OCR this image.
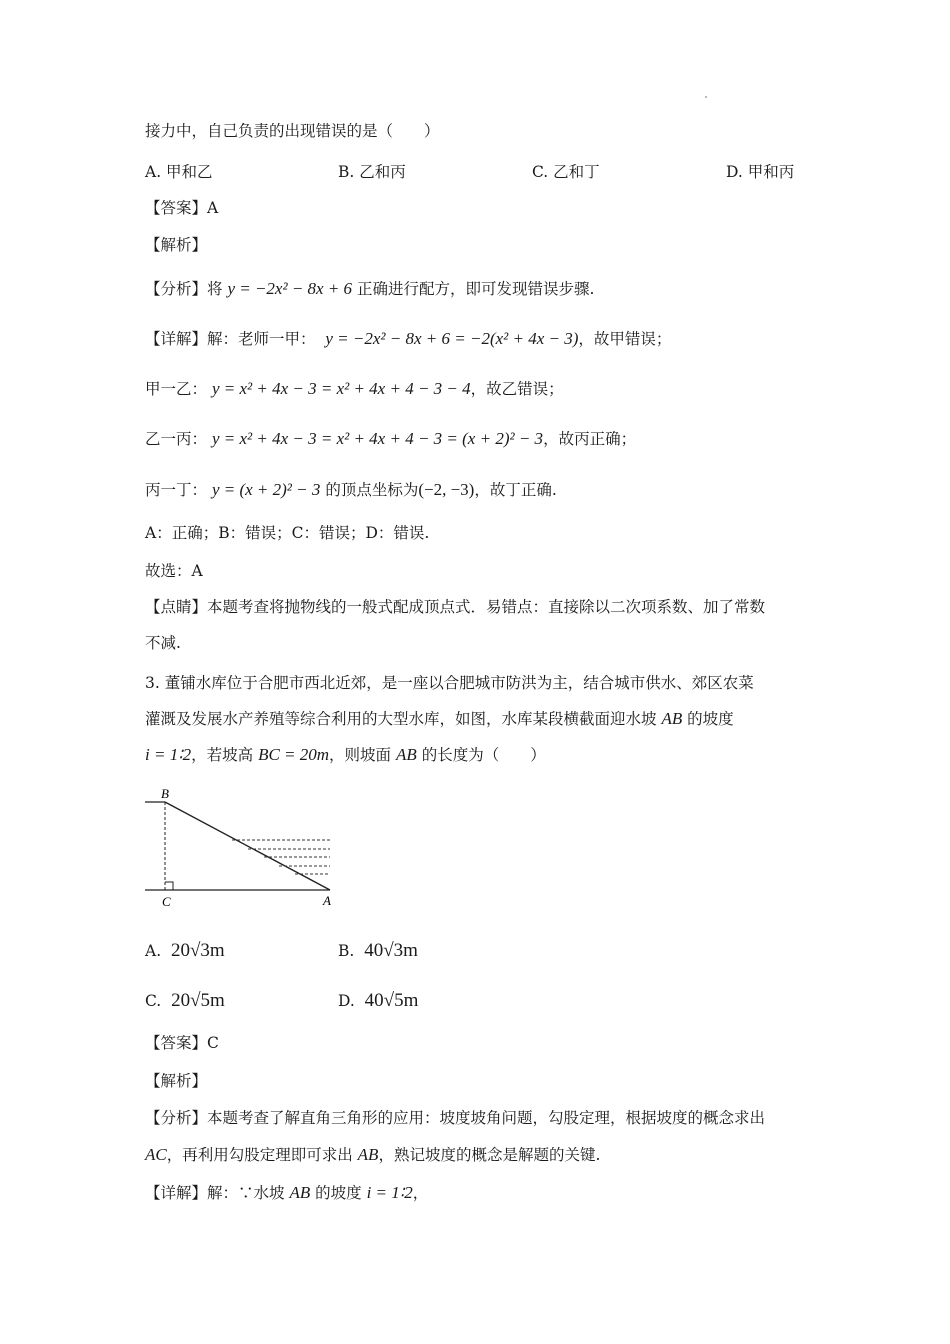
接力中，自己负责的出现错误的是（　　）
A. 甲和乙	B. 乙和丙	C. 乙和丁	D. 甲和丙
【答案】A
【解析】
【分析】将 y = −2x² − 8x + 6 正确进行配方，即可发现错误步骤.
【详解】解：老师一甲： y = −2x² − 8x + 6 = −2(x² + 4x − 3)，故甲错误；
甲一乙： y = x² + 4x − 3 = x² + 4x + 4 − 3 − 4，故乙错误；
乙一丙： y = x² + 4x − 3 = x² + 4x + 4 − 3 = (x + 2)² − 3，故丙正确；
丙一丁： y = (x + 2)² − 3 的顶点坐标为(−2, −3)，故丁正确.
A：正确；B：错误；C：错误；D：错误.
故选：A
【点睛】本题考查将抛物线的一般式配成顶点式．易错点：直接除以二次项系数、加了常数
不减.
3. 董铺水库位于合肥市西北近郊，是一座以合肥城市防洪为主，结合城市供水、郊区农菜
灌溉及发展水产养殖等综合利用的大型水库，如图，水库某段横截面迎水坡 AB 的坡度
i = 1∶2，若坡高 BC = 20m，则坡面 AB 的长度为（　　）
B
C	A
A. 20√3m	B. 40√3m
C. 20√5m	D. 40√5m
【答案】C
【解析】
【分析】本题考查了解直角三角形的应用：坡度坡角问题，勾股定理，根据坡度的概念求出
AC，再利用勾股定理即可求出 AB，熟记坡度的概念是解题的关键.
【详解】解：∵水坡 AB 的坡度 i = 1∶2，
